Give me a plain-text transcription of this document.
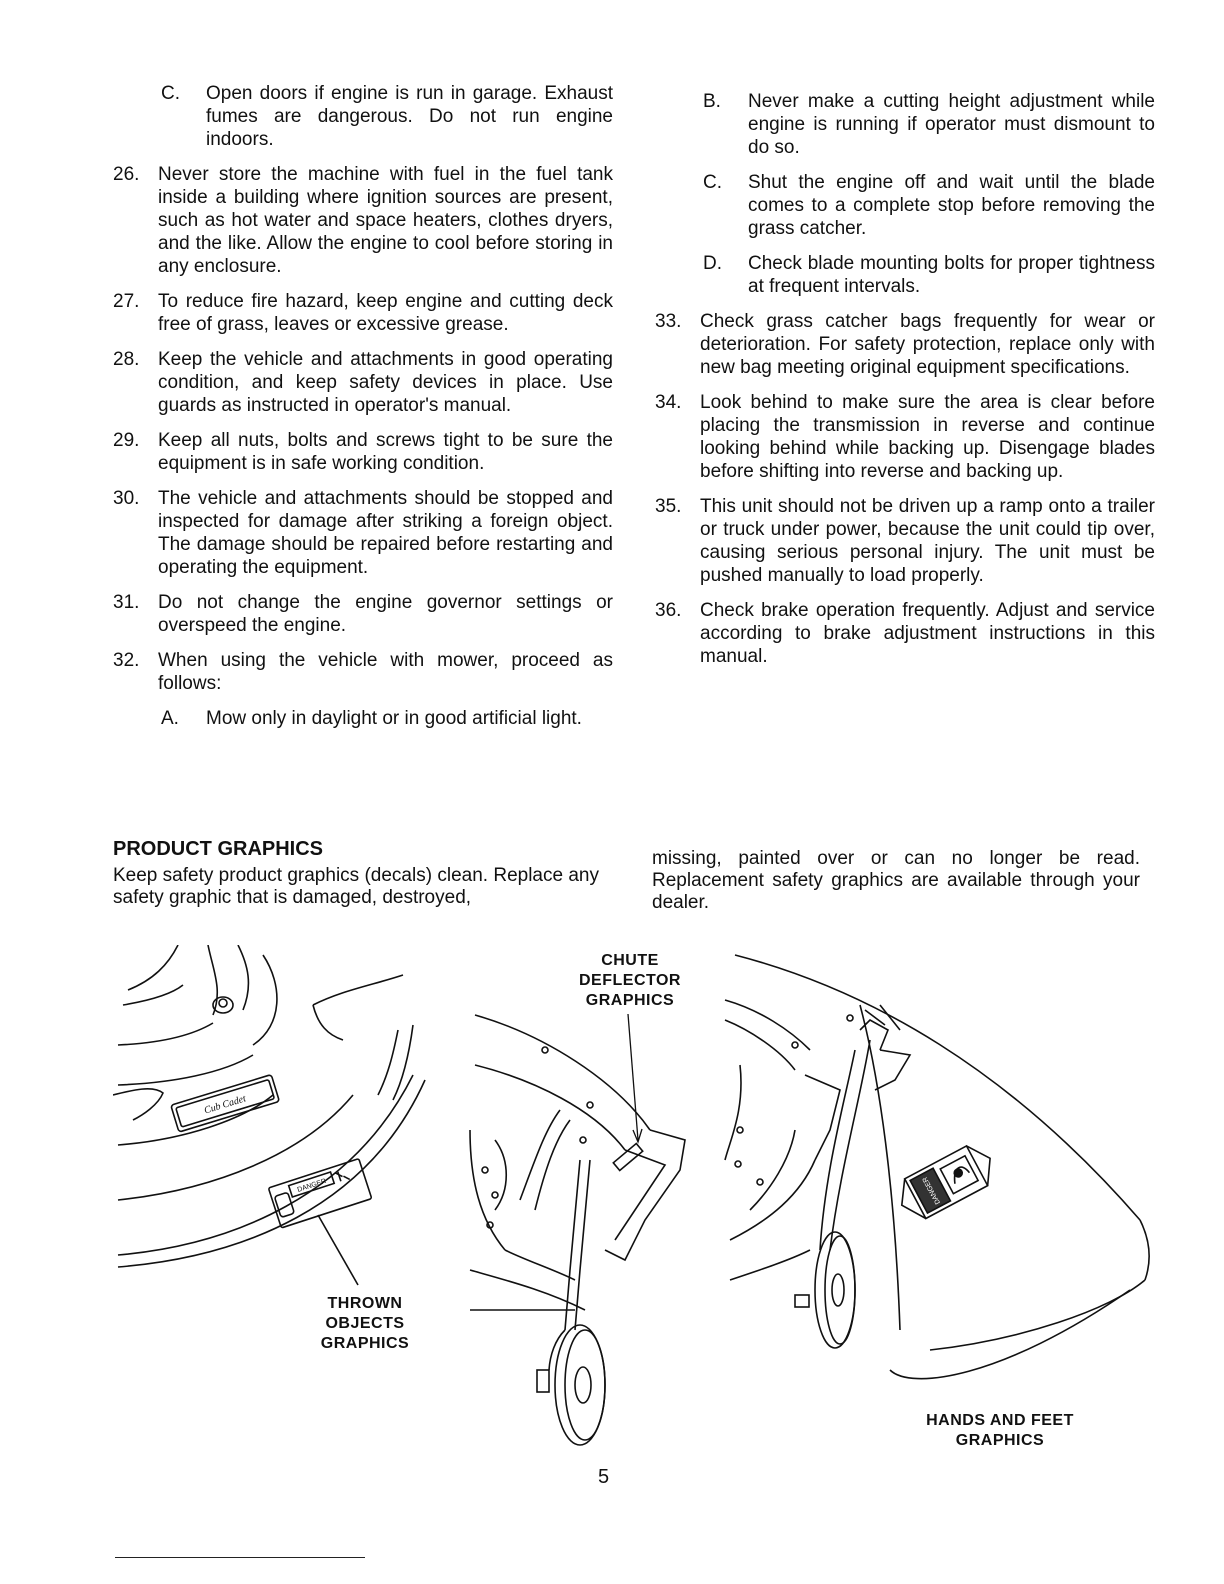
C. Open doors if engine is run in garage. Exhaust fumes are dangerous. Do not run engine indoors.
26. Never store the machine with fuel in the fuel tank inside a building where ignition sources are present, such as hot water and space heaters, clothes dryers, and the like. Allow the engine to cool before storing in any enclosure.
27. To reduce fire hazard, keep engine and cutting deck free of grass, leaves or excessive grease.
28. Keep the vehicle and attachments in good operating condition, and keep safety devices in place. Use guards as instructed in operator's manual.
29. Keep all nuts, bolts and screws tight to be sure the equipment is in safe working condition.
30. The vehicle and attachments should be stopped and inspected for damage after striking a foreign object. The damage should be repaired before restarting and operating the equipment.
31. Do not change the engine governor settings or overspeed the engine.
32. When using the vehicle with mower, proceed as follows:
A. Mow only in daylight or in good artificial light.
B. Never make a cutting height adjustment while engine is running if operator must dismount to do so.
C. Shut the engine off and wait until the blade comes to a complete stop before removing the grass catcher.
D. Check blade mounting bolts for proper tightness at frequent intervals.
33. Check grass catcher bags frequently for wear or deterioration. For safety protection, replace only with new bag meeting original equipment specifications.
34. Look behind to make sure the area is clear before placing the transmission in reverse and continue looking behind while backing up. Disengage blades before shifting into reverse and backing up.
35. This unit should not be driven up a ramp onto a trailer or truck under power, because the unit could tip over, causing serious personal injury. The unit must be pushed manually to load properly.
36. Check brake operation frequently. Adjust and service according to brake adjustment instructions in this manual.
PRODUCT GRAPHICS
Keep safety product graphics (decals) clean. Replace any safety graphic that is damaged, destroyed,
missing, painted over or can no longer be read. Replacement safety graphics are available through your dealer.
Cub Cadet
DANGER
THROWN
OBJECTS
GRAPHICS
CHUTE
DEFLECTOR
GRAPHICS
DANGER
HANDS AND FEET
GRAPHICS
5
